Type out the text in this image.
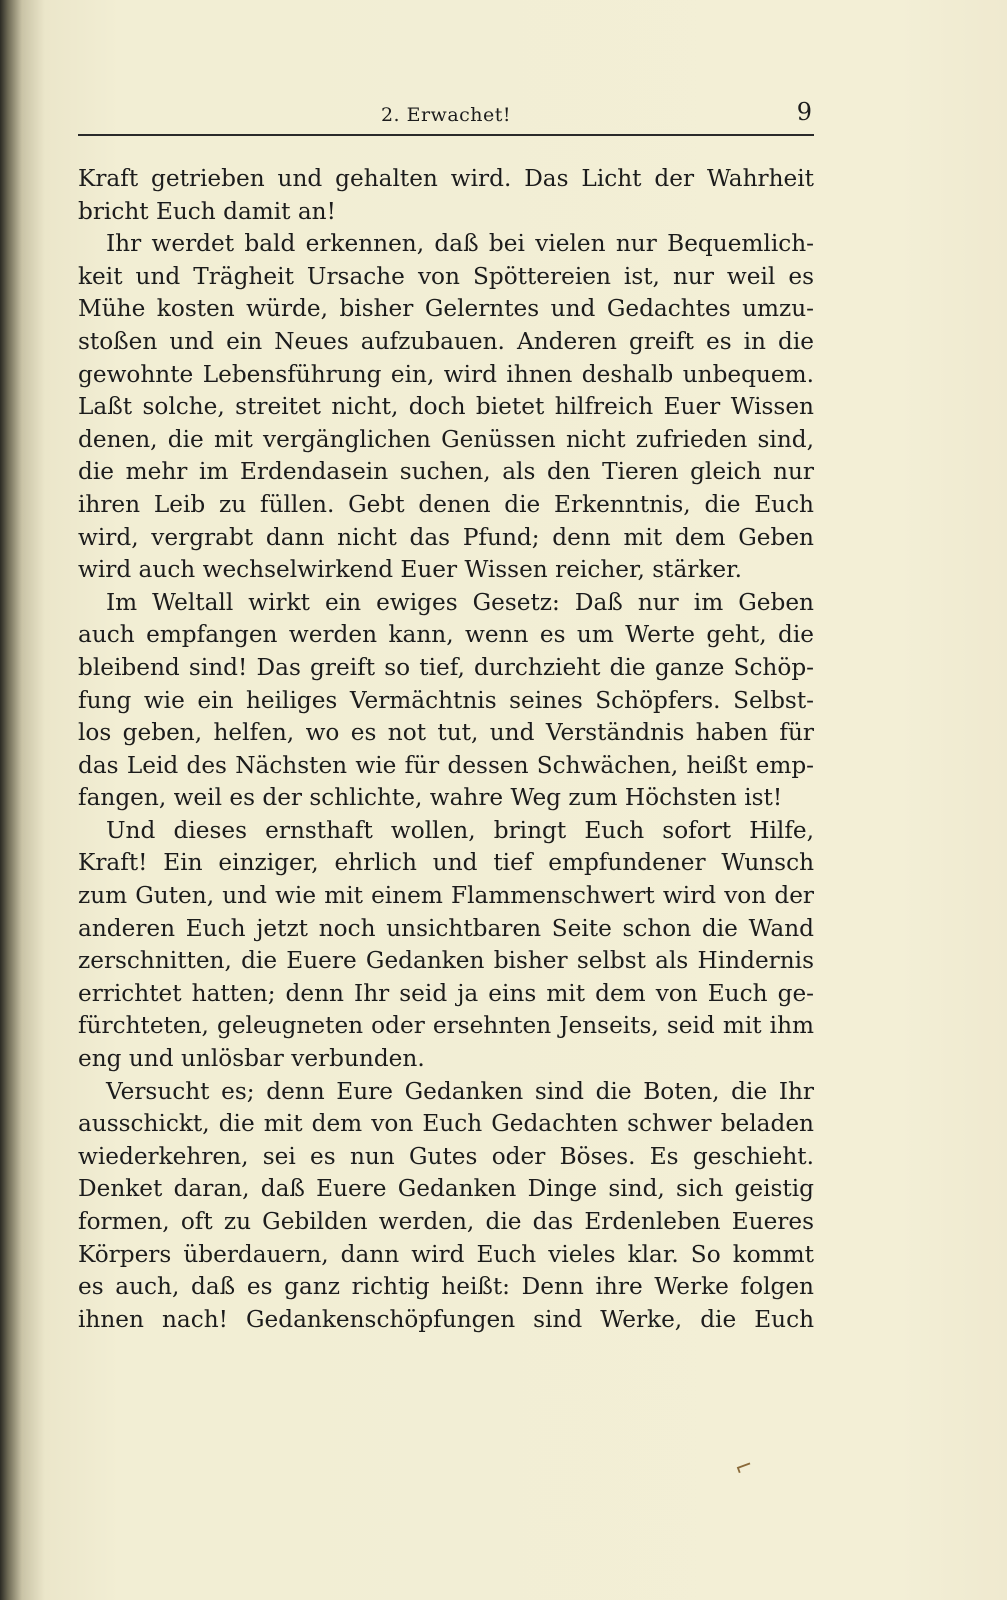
2. Erwachet!	9
Kraft getrieben und gehalten wird. Das Licht der Wahrheit
bricht Euch damit an!
Ihr werdet bald erkennen, daß bei vielen nur Bequemlich-
keit und Trägheit Ursache von Spöttereien ist, nur weil es
Mühe kosten würde, bisher Gelerntes und Gedachtes umzu-
stoßen und ein Neues aufzubauen. Anderen greift es in die
gewohnte Lebensführung ein, wird ihnen deshalb unbequem.
Laßt solche, streitet nicht, doch bietet hilfreich Euer Wissen
denen, die mit vergänglichen Genüssen nicht zufrieden sind,
die mehr im Erdendasein suchen, als den Tieren gleich nur
ihren Leib zu füllen. Gebt denen die Erkenntnis, die Euch
wird, vergrabt dann nicht das Pfund; denn mit dem Geben
wird auch wechselwirkend Euer Wissen reicher, stärker.
Im Weltall wirkt ein ewiges Gesetz: Daß nur im Geben
auch empfangen werden kann, wenn es um Werte geht, die
bleibend sind! Das greift so tief, durchzieht die ganze Schöp-
fung wie ein heiliges Vermächtnis seines Schöpfers. Selbst-
los geben, helfen, wo es not tut, und Verständnis haben für
das Leid des Nächsten wie für dessen Schwächen, heißt emp-
fangen, weil es der schlichte, wahre Weg zum Höchsten ist!
Und dieses ernsthaft wollen, bringt Euch sofort Hilfe,
Kraft! Ein einziger, ehrlich und tief empfundener Wunsch
zum Guten, und wie mit einem Flammenschwert wird von der
anderen Euch jetzt noch unsichtbaren Seite schon die Wand
zerschnitten, die Euere Gedanken bisher selbst als Hindernis
errichtet hatten; denn Ihr seid ja eins mit dem von Euch ge-
fürchteten, geleugneten oder ersehnten Jenseits, seid mit ihm
eng und unlösbar verbunden.
Versucht es; denn Eure Gedanken sind die Boten, die Ihr
ausschickt, die mit dem von Euch Gedachten schwer beladen
wiederkehren, sei es nun Gutes oder Böses. Es geschieht.
Denket daran, daß Euere Gedanken Dinge sind, sich geistig
formen, oft zu Gebilden werden, die das Erdenleben Eueres
Körpers überdauern, dann wird Euch vieles klar. So kommt
es auch, daß es ganz richtig heißt: Denn ihre Werke folgen
ihnen nach! Gedankenschöpfungen sind Werke, die Euch
⌐
